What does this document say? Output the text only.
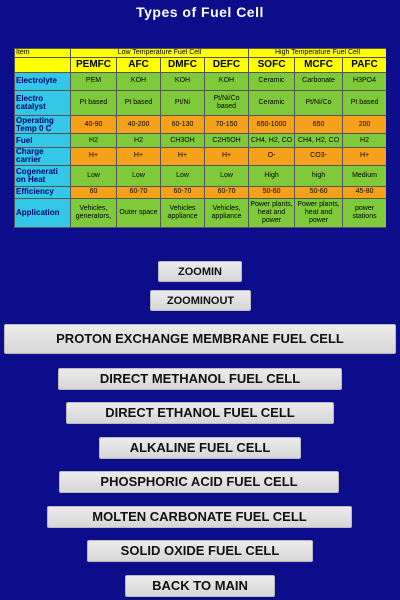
Types of Fuel Cell
Item	Low Temperature Fuel Cell				High Temperature Fuel Cell		
	PEMFC	AFC	DMFC	DEFC	SOFC	MCFC	PAFC
Electrolyte	PEM	KOH	KOH	KOH	Ceramic	Carbonate	H3PO4
Electro catalyst	Pt based	Pt based	Pt/Ni	Pt/Ni/Co based	Ceramic	Pt/Ni/Co	Pt based
Operating Temp 0 C	40-90	40-200	60-130	70-150	650-1000	650	200
Fuel	H2	H2	CH3OH	C2H5OH	CH4, H2, CO	CH4, H2, CO	H2
Charge carrier	H+	H+	H+	H+	O-	CO3-	H+
Cogenerati on Heat	Low	Low	Low	Low	High	high	Medium
Efficiency	60	60-70	60-70	60-70	50-60	50-60	45-80
Application	Vehicles, generators,	Outer space	Vehicles appliance	Vehicles, appliance	Power plants, heat and power	Power plants, heat and power	power stations
ZOOMIN
ZOOMINOUT
PROTON EXCHANGE MEMBRANE FUEL CELL
DIRECT METHANOL FUEL CELL
DIRECT ETHANOL FUEL CELL
ALKALINE FUEL CELL
PHOSPHORIC ACID FUEL CELL
MOLTEN CARBONATE FUEL CELL
SOLID OXIDE FUEL CELL
BACK TO MAIN
